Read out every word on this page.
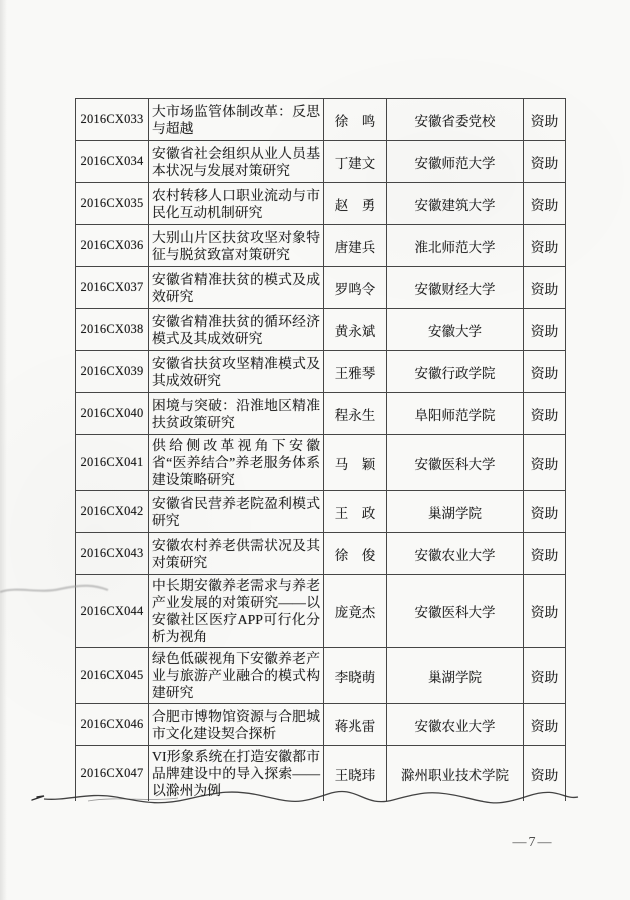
2016CX033	大市场监管体制改革：反思与超越	徐　鸣	安徽省委党校	资助
2016CX034	安徽省社会组织从业人员基本状况与发展对策研究	丁建文	安徽师范大学	资助
2016CX035	农村转移人口职业流动与市民化互动机制研究	赵　勇	安徽建筑大学	资助
2016CX036	大别山片区扶贫攻坚对象特征与脱贫致富对策研究	唐建兵	淮北师范大学	资助
2016CX037	安徽省精准扶贫的模式及成效研究	罗鸣令	安徽财经大学	资助
2016CX038	安徽省精准扶贫的循环经济模式及其成效研究	黄永斌	安徽大学	资助
2016CX039	安徽省扶贫攻坚精准模式及其成效研究	王雅琴	安徽行政学院	资助
2016CX040	困境与突破：沿淮地区精准扶贫政策研究	程永生	阜阳师范学院	资助
2016CX041	供给侧改革视角下安徽省“医养结合”养老服务体系建设策略研究	马　颖	安徽医科大学	资助
2016CX042	安徽省民营养老院盈利模式研究	王　政	巢湖学院	资助
2016CX043	安徽农村养老供需状况及其对策研究	徐　俊	安徽农业大学	资助
2016CX044	中长期安徽养老需求与养老产业发展的对策研究——以安徽社区医疗APP可行化分析为视角	庞竟杰	安徽医科大学	资助
2016CX045	绿色低碳视角下安徽养老产业与旅游产业融合的模式构建研究	李晓萌	巢湖学院	资助
2016CX046	合肥市博物馆资源与合肥城市文化建设契合探析	蒋兆雷	安徽农业大学	资助
2016CX047	VI形象系统在打造安徽都市品牌建设中的导入探索——以滁州为例	王晓玮	滁州职业技术学院	资助
—7—
